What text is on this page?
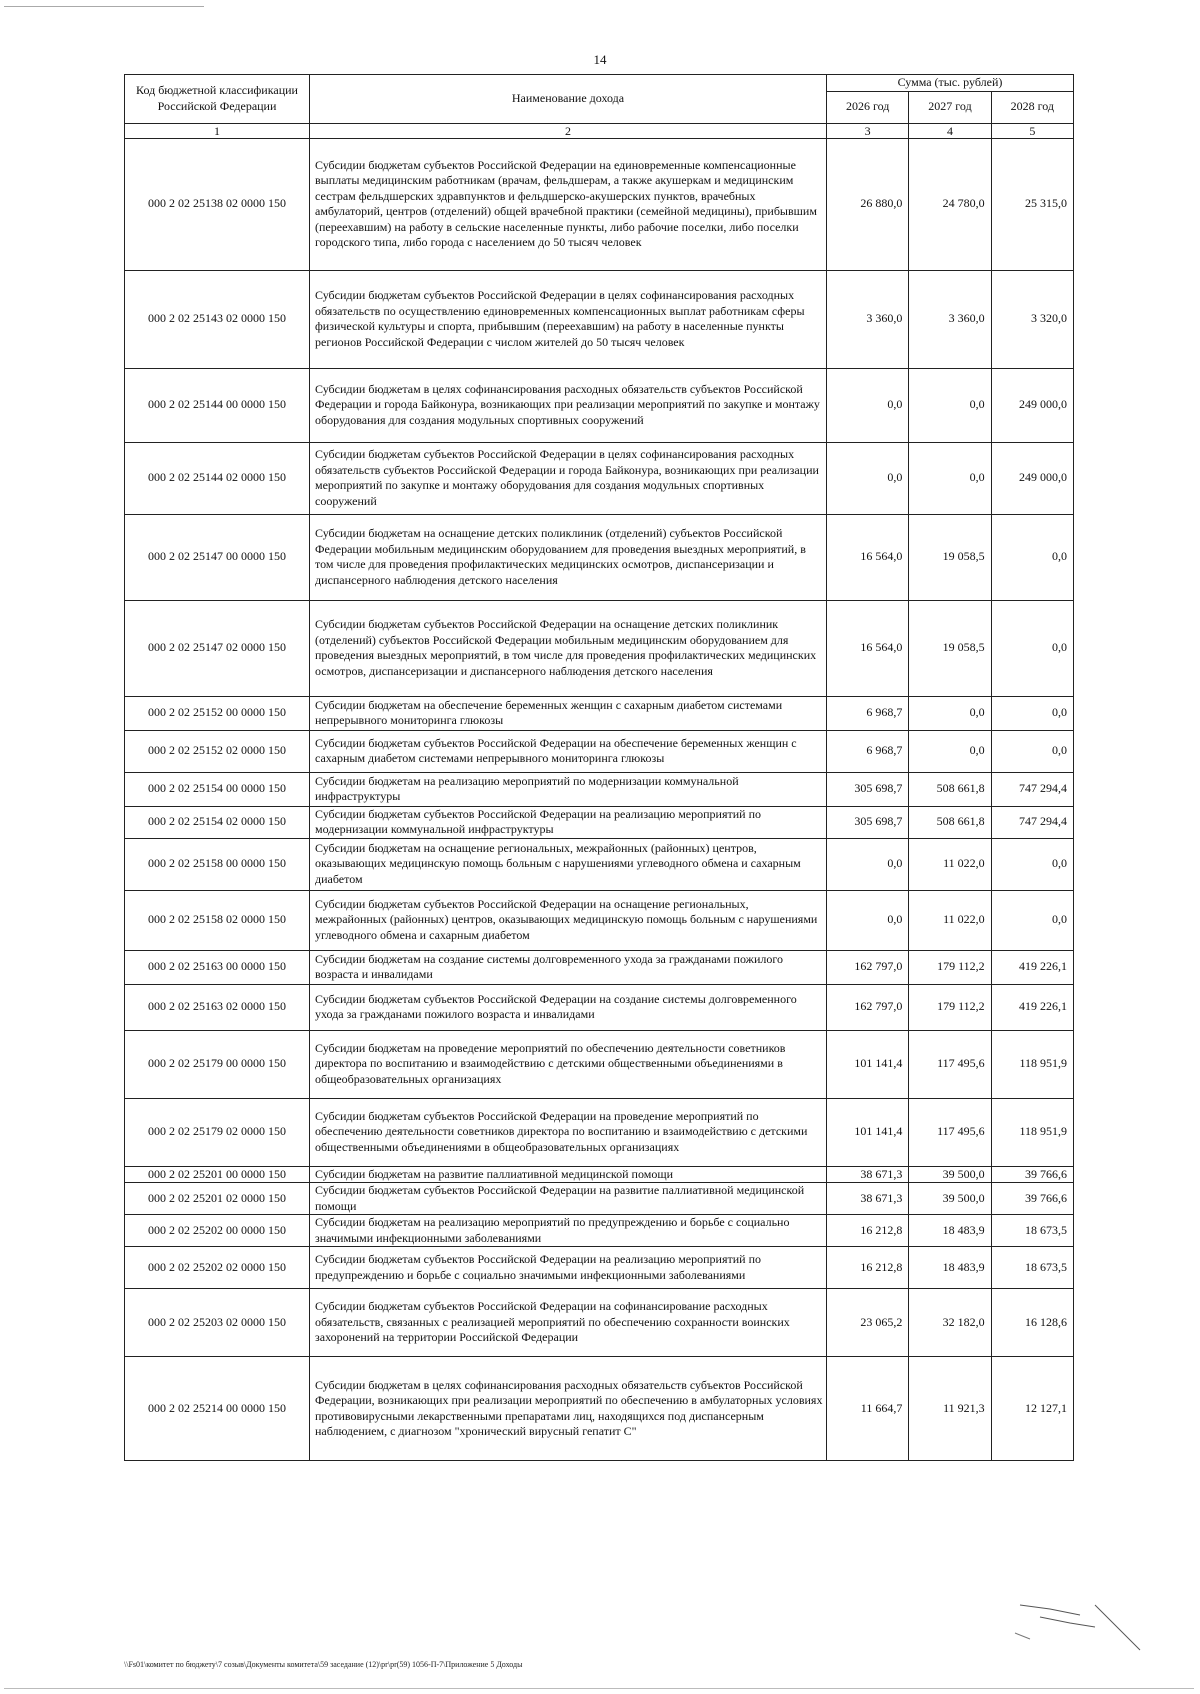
14
Код бюджетной классификации Российской Федерации	Наименование дохода	Сумма (тыс. рублей)		
		2026 год	2027 год	2028 год
1	2	3	4	5
000 2 02 25138 02 0000 150	Субсидии бюджетам субъектов Российской Федерации на единовременные компенсационные выплаты медицинским работникам (врачам, фельдшерам, а также акушеркам и медицинским сестрам фельдшерских здравпунктов и фельдшерско-акушерских пунктов, врачебных амбулаторий, центров (отделений) общей врачебной практики (семейной медицины), прибывшим (переехавшим) на работу в сельские населенные пункты, либо рабочие поселки, либо поселки городского типа, либо города с населением до 50 тысяч человек	26 880,0	24 780,0	25 315,0
000 2 02 25143 02 0000 150	Субсидии бюджетам субъектов Российской Федерации в целях софинансирования расходных обязательств по осуществлению единовременных компенсационных выплат работникам сферы физической культуры и спорта, прибывшим (переехавшим) на работу в населенные пункты регионов Российской Федерации с числом жителей до 50 тысяч человек	3 360,0	3 360,0	3 320,0
000 2 02 25144 00 0000 150	Субсидии бюджетам в целях софинансирования расходных обязательств субъектов Российской Федерации и города Байконура, возникающих при реализации мероприятий по закупке и монтажу оборудования для создания модульных спортивных сооружений	0,0	0,0	249 000,0
000 2 02 25144 02 0000 150	Субсидии бюджетам субъектов Российской Федерации в целях софинансирования расходных обязательств субъектов Российской Федерации и города Байконура, возникающих при реализации мероприятий по закупке и монтажу оборудования для создания модульных спортивных сооружений	0,0	0,0	249 000,0
000 2 02 25147 00 0000 150	Субсидии бюджетам на оснащение детских поликлиник (отделений) субъектов Российской Федерации мобильным медицинским оборудованием для проведения выездных мероприятий, в том числе для проведения профилактических медицинских осмотров, диспансеризации и диспансерного наблюдения детского населения	16 564,0	19 058,5	0,0
000 2 02 25147 02 0000 150	Субсидии бюджетам субъектов Российской Федерации на оснащение детских поликлиник (отделений) субъектов Российской Федерации мобильным медицинским оборудованием для проведения выездных мероприятий, в том числе для проведения профилактических медицинских осмотров, диспансеризации и диспансерного наблюдения детского населения	16 564,0	19 058,5	0,0
000 2 02 25152 00 0000 150	Субсидии бюджетам на обеспечение беременных женщин с сахарным диабетом системами непрерывного мониторинга глюкозы	6 968,7	0,0	0,0
000 2 02 25152 02 0000 150	Субсидии бюджетам субъектов Российской Федерации на обеспечение беременных женщин с сахарным диабетом системами непрерывного мониторинга глюкозы	6 968,7	0,0	0,0
000 2 02 25154 00 0000 150	Субсидии бюджетам на реализацию мероприятий по модернизации коммунальной инфраструктуры	305 698,7	508 661,8	747 294,4
000 2 02 25154 02 0000 150	Субсидии бюджетам субъектов Российской Федерации на реализацию мероприятий по модернизации коммунальной инфраструктуры	305 698,7	508 661,8	747 294,4
000 2 02 25158 00 0000 150	Субсидии бюджетам на оснащение региональных, межрайонных (районных) центров, оказывающих медицинскую помощь больным с нарушениями углеводного обмена и сахарным диабетом	0,0	11 022,0	0,0
000 2 02 25158 02 0000 150	Субсидии бюджетам субъектов Российской Федерации на оснащение региональных, межрайонных (районных) центров, оказывающих медицинскую помощь больным с нарушениями углеводного обмена и сахарным диабетом	0,0	11 022,0	0,0
000 2 02 25163 00 0000 150	Субсидии бюджетам на создание системы долговременного ухода за гражданами пожилого возраста и инвалидами	162 797,0	179 112,2	419 226,1
000 2 02 25163 02 0000 150	Субсидии бюджетам субъектов Российской Федерации на создание системы долговременного ухода за гражданами пожилого возраста и инвалидами	162 797,0	179 112,2	419 226,1
000 2 02 25179 00 0000 150	Субсидии бюджетам на проведение мероприятий по обеспечению деятельности советников директора по воспитанию и взаимодействию с детскими общественными объединениями в общеобразовательных организациях	101 141,4	117 495,6	118 951,9
000 2 02 25179 02 0000 150	Субсидии бюджетам субъектов Российской Федерации на проведение мероприятий по обеспечению деятельности советников директора по воспитанию и взаимодействию с детскими общественными объединениями в общеобразовательных организациях	101 141,4	117 495,6	118 951,9
000 2 02 25201 00 0000 150	Субсидии бюджетам на развитие паллиативной медицинской помощи	38 671,3	39 500,0	39 766,6
000 2 02 25201 02 0000 150	Субсидии бюджетам субъектов Российской Федерации на развитие паллиативной медицинской помощи	38 671,3	39 500,0	39 766,6
000 2 02 25202 00 0000 150	Субсидии бюджетам на реализацию мероприятий по предупреждению и борьбе с социально значимыми инфекционными заболеваниями	16 212,8	18 483,9	18 673,5
000 2 02 25202 02 0000 150	Субсидии бюджетам субъектов Российской Федерации на реализацию мероприятий по предупреждению и борьбе с социально значимыми инфекционными заболеваниями	16 212,8	18 483,9	18 673,5
000 2 02 25203 02 0000 150	Субсидии бюджетам субъектов Российской Федерации на софинансирование расходных обязательств, связанных с реализацией мероприятий по обеспечению сохранности воинских захоронений на территории Российской Федерации	23 065,2	32 182,0	16 128,6
000 2 02 25214 00 0000 150	Субсидии бюджетам в целях софинансирования расходных обязательств субъектов Российской Федерации, возникающих при реализации мероприятий по обеспечению в амбулаторных условиях противовирусными лекарственными препаратами лиц, находящихся под диспансерным наблюдением, с диагнозом "хронический вирусный гепатит С"	11 664,7	11 921,3	12 127,1
\\Fs01\комитет по бюджету\7 созыв\Документы комитета\59 заседание (12)\pr\pr(59) 1056-П-7\Приложение 5 Доходы
